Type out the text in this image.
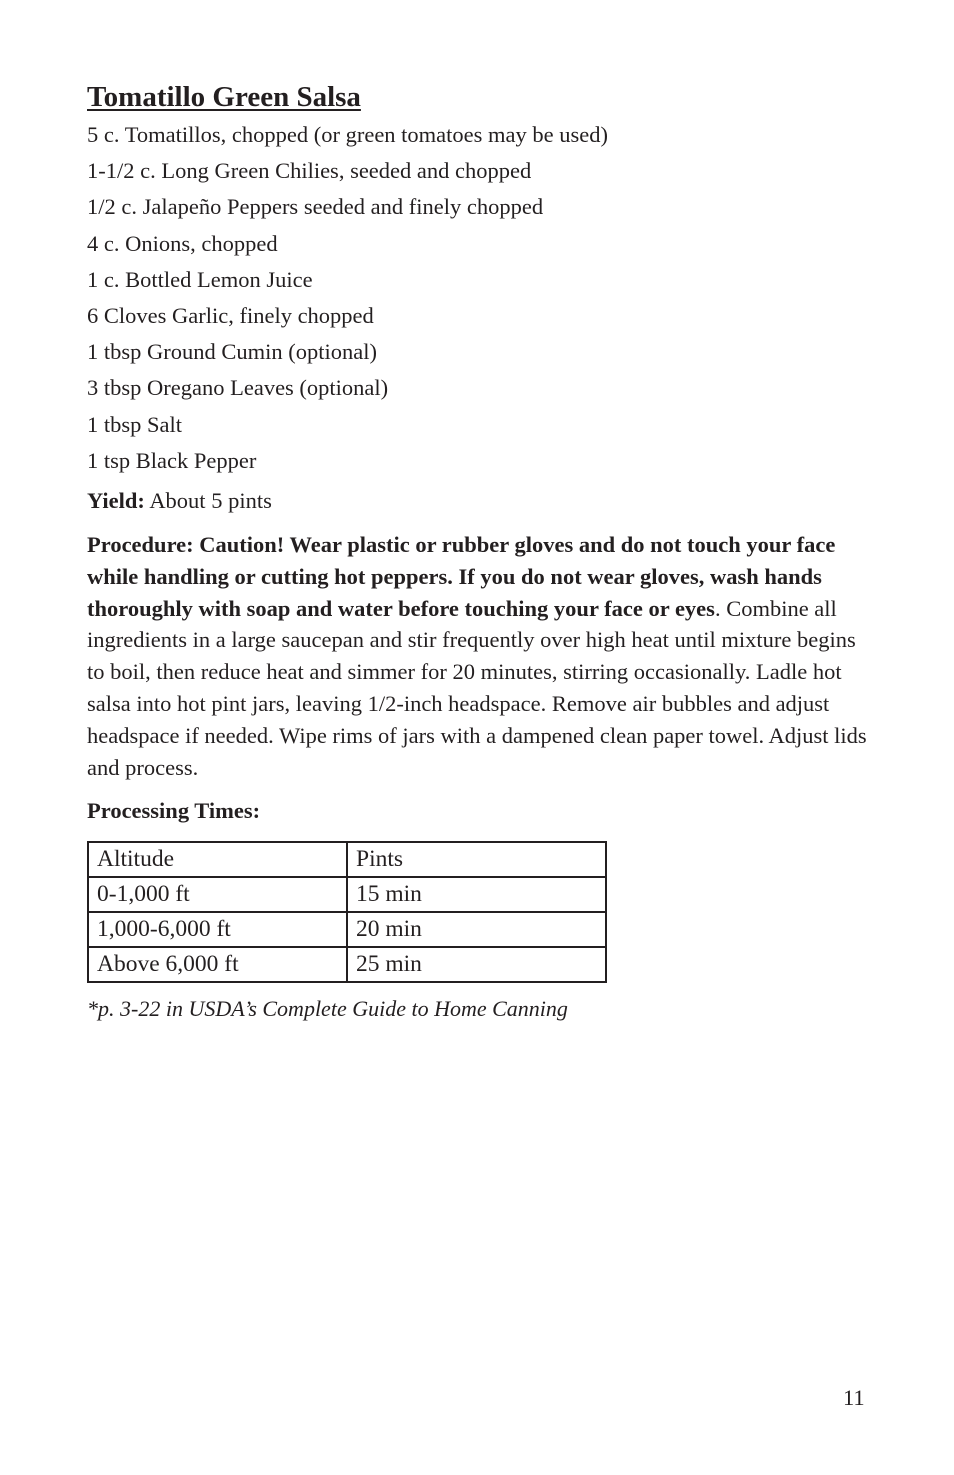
Tomatillo Green Salsa
5 c. Tomatillos, chopped (or green tomatoes may be used)
1-1/2 c. Long Green Chilies, seeded and chopped
1/2 c. Jalapeño Peppers seeded and finely chopped
4 c. Onions, chopped
1 c. Bottled Lemon Juice
6 Cloves Garlic, finely chopped
1 tbsp Ground Cumin (optional)
3 tbsp Oregano Leaves (optional)
1 tbsp Salt
1 tsp Black Pepper

Yield: About 5 pints

Procedure: Caution! Wear plastic or rubber gloves and do not touch your face while handling or cutting hot peppers. If you do not wear gloves, wash hands thoroughly with soap and water before touching your face or eyes. Combine all ingredients in a large saucepan and stir frequently over high heat until mixture begins to boil, then reduce heat and simmer for 20 minutes, stirring occasionally. Ladle hot salsa into hot pint jars, leaving 1/2-inch headspace. Remove air bubbles and adjust headspace if needed. Wipe rims of jars with a dampened clean paper towel. Adjust lids and process.

Processing Times:

Altitude	Pints
0-1,000 ft	15 min
1,000-6,000 ft	20 min
Above 6,000 ft	25 min

*p. 3-22 in USDA’s Complete Guide to Home Canning

11
